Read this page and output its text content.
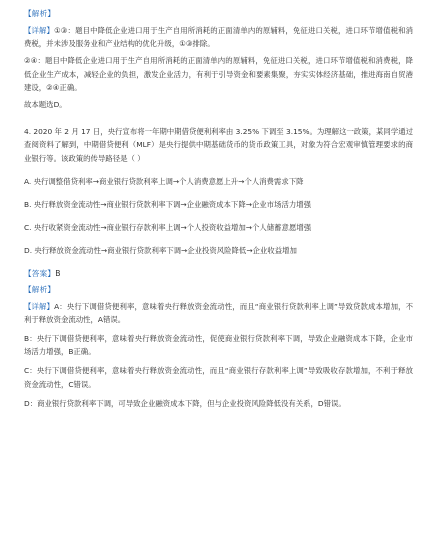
【解析】
【详解】①③：题目中降低企业进口用于生产自用所消耗的正面清单内的原辅料，免征进口关税，进口环节增值税和消费税，并未涉及服务业和产业结构的优化升级，①③排除。
②④：题目中降低企业进口用于生产自用所消耗的正面清单内的原辅料，免征进口关税，进口环节增值税和消费税，降低企业生产成本，减轻企业的负担，激发企业活力，有利于引导资金和要素集聚，夯实实体经济基础，推进海南自贸港建设，②④正确。
故本题选D。
4. 2020 年 2 月 17 日，央行宣布将一年期中期借贷便利利率由 3.25% 下调至 3.15%。为理解这一政策，某同学通过查阅资料了解到，中期借贷便利（MLF）是央行提供中期基础货币的货币政策工具，对象为符合宏观审慎管理要求的商业银行等。该政策的传导路径是（ ）
A. 央行调整借贷利率→商业银行贷款利率上调→个人消费意愿上升→个人消费需求下降
B. 央行释放资金流动性→商业银行贷款利率下调→企业融资成本下降→企业市场活力增强
C. 央行收紧资金流动性→商业银行存款利率上调→个人投资收益增加→个人储蓄意愿增强
D. 央行释放资金流动性→商业银行贷款利率下调→企业投资风险降低→企业收益增加
【答案】B
【解析】
【详解】A：央行下调借贷便利率，意味着央行释放资金流动性，而且“商业银行贷款利率上调”导致贷款成本增加，不利于释放资金流动性，A错误。
B：央行下调借贷便利率，意味着央行释放资金流动性，促使商业银行贷款利率下调，导致企业融资成本下降，企业市场活力增强，B正确。
C：央行下调借贷便利率，意味着央行释放资金流动性，而且“商业银行存款利率上调”导致吸收存款增加，不利于释放资金流动性，C错误。
D：商业银行贷款利率下调，可导致企业融资成本下降，但与企业投资风险降低没有关系，D错误。
